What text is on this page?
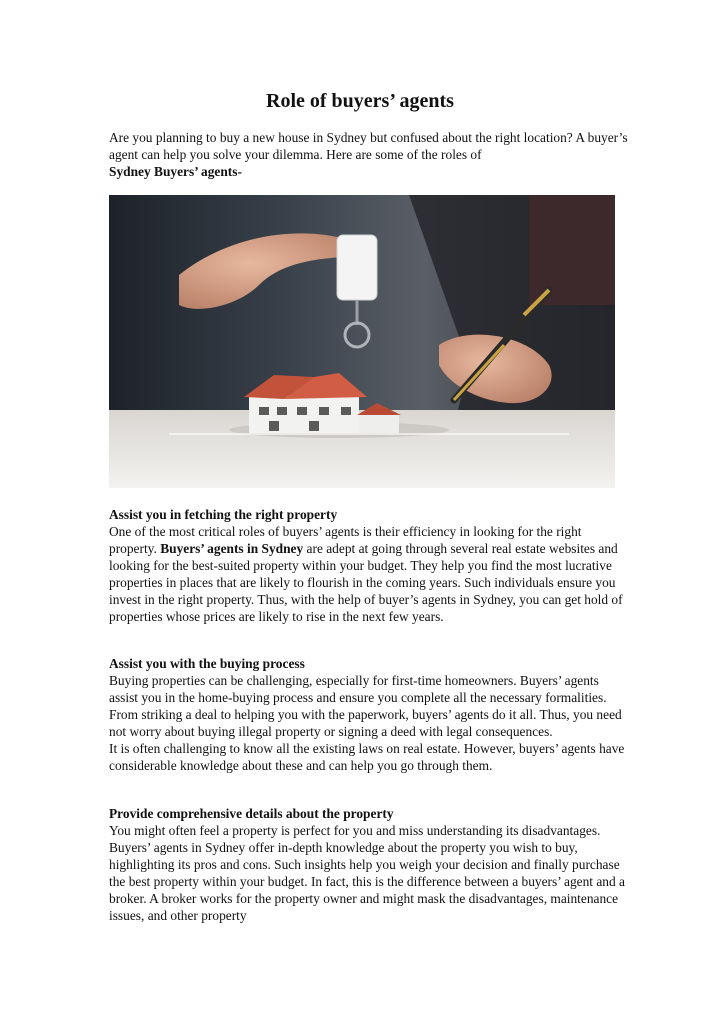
Role of buyers’ agents
Are you planning to buy a new house in Sydney but confused about the right location? A buyer’s agent can help you solve your dilemma. Here are some of the roles of
Sydney Buyers’ agents-

Assist you in fetching the right property

One of the most critical roles of buyers’ agents is their efficiency in looking for the right property. Buyers’ agents in Sydney are adept at going through several real estate websites and looking for the best-suited property within your budget. They help you find the most lucrative properties in places that are likely to flourish in the coming years. Such individuals ensure you invest in the right property. Thus, with the help of buyer’s agents in Sydney, you can get hold of properties whose prices are likely to rise in the next few years.

Assist you with the buying process

Buying properties can be challenging, especially for first-time homeowners. Buyers’ agents assist you in the home-buying process and ensure you complete all the necessary formalities. From striking a deal to helping you with the paperwork, buyers’ agents do it all. Thus, you need not worry about buying illegal property or signing a deed with legal consequences.

It is often challenging to know all the existing laws on real estate. However, buyers’ agents have considerable knowledge about these and can help you go through them.

Provide comprehensive details about the property

You might often feel a property is perfect for you and miss understanding its disadvantages. Buyers’ agents in Sydney offer in-depth knowledge about the property you wish to buy, highlighting its pros and cons. Such insights help you weigh your decision and finally purchase the best property within your budget. In fact, this is the difference between a buyers’ agent and a broker. A broker works for the property owner and might mask the disadvantages, maintenance issues, and other property
